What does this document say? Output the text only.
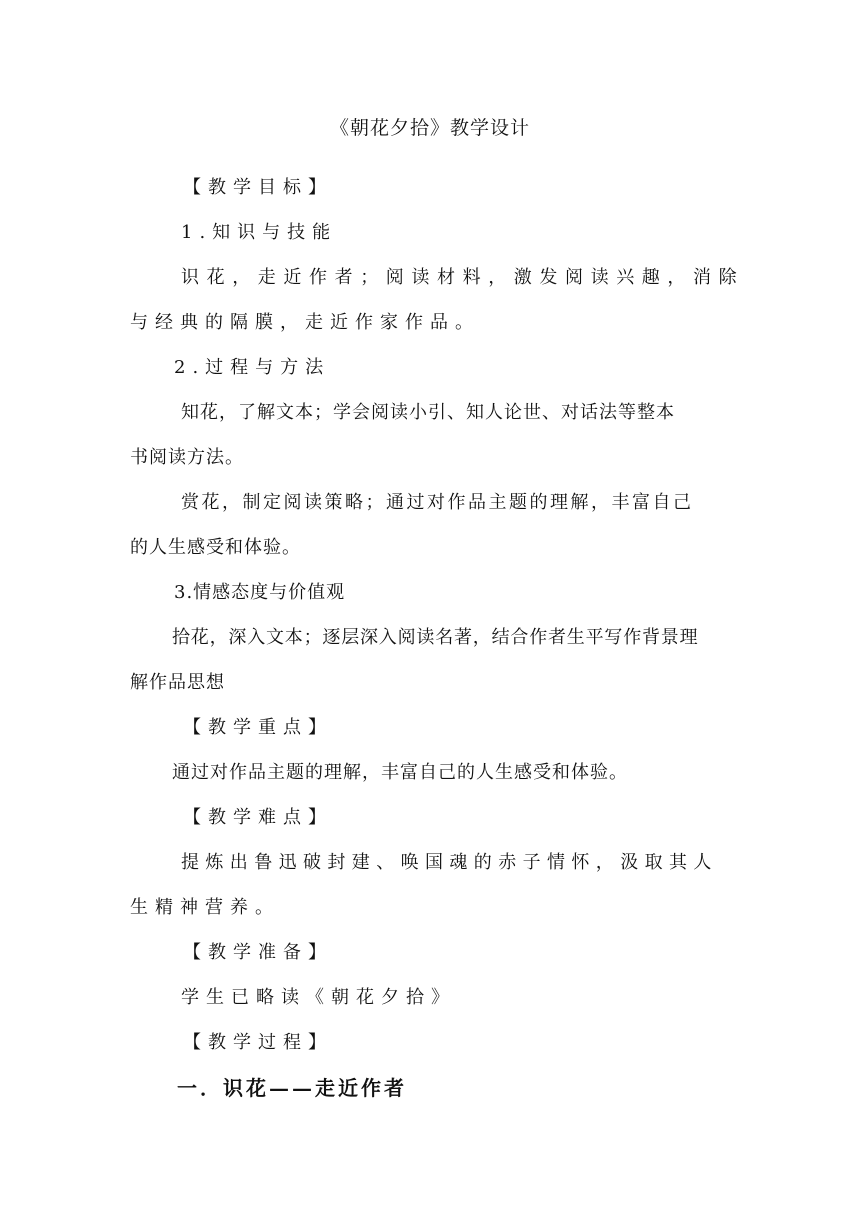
《朝花夕拾》教学设计
【教学目标】
1.知识与技能
识花，走近作者；阅读材料，激发阅读兴趣，消除
与经典的隔膜，走近作家作品。
2.过程与方法
知花，了解文本；学会阅读小引、知人论世、对话法等整本
书阅读方法。
赏花，制定阅读策略；通过对作品主题的理解，丰富自己
的人生感受和体验。
3.情感态度与价值观
拾花，深入文本；逐层深入阅读名著，结合作者生平写作背景理
解作品思想
【教学重点】
通过对作品主题的理解，丰富自己的人生感受和体验。
【教学难点】
提炼出鲁迅破封建、唤国魂的赤子情怀，汲取其人
生精神营养。
【教学准备】
学生已略读《朝花夕拾》
【教学过程】
一．识花——走近作者
